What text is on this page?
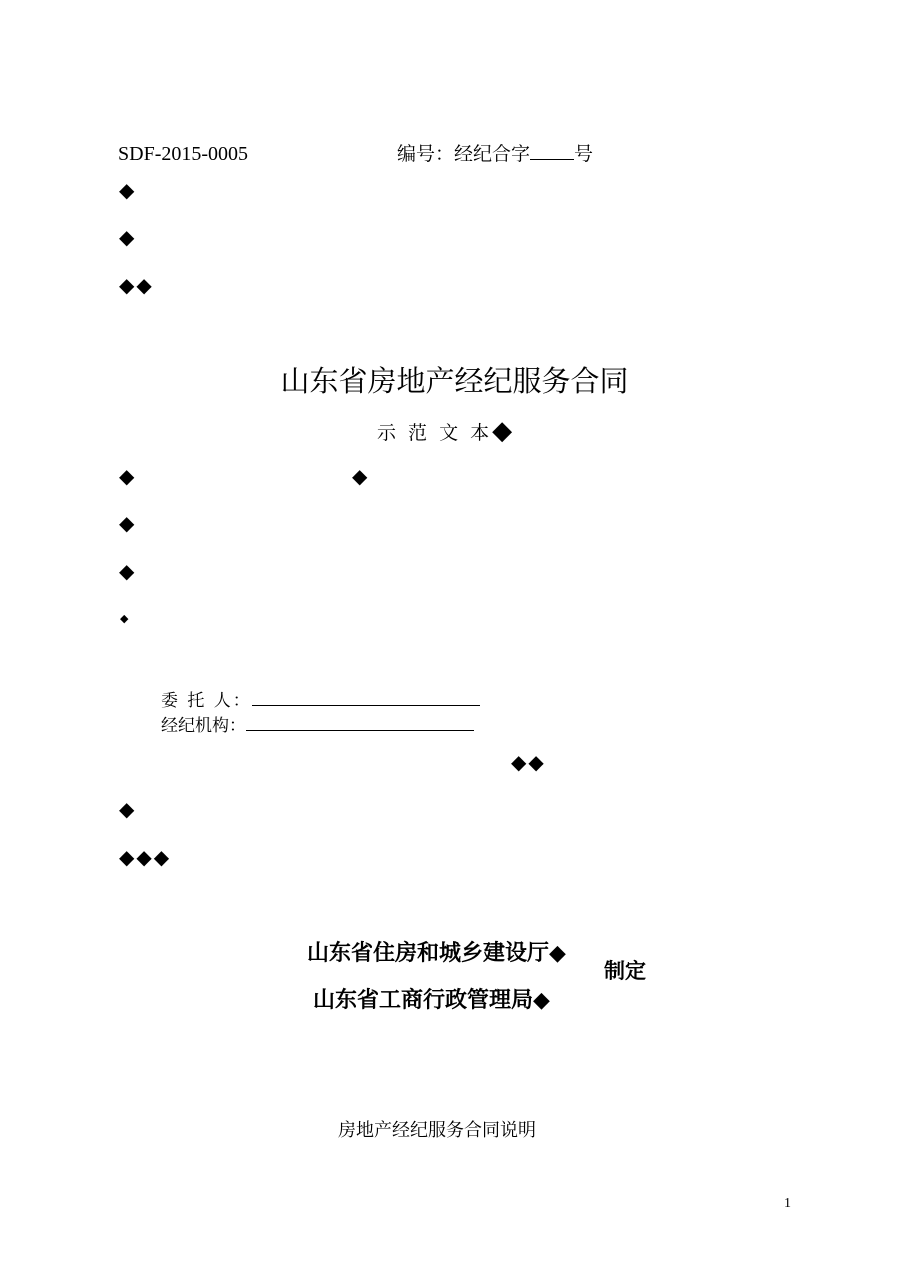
SDF-2015-0005	编号：经纪合字 号
◆
◆
◆◆
山东省房地产经纪服务合同
示 范 文 本◆
◆	◆
◆
◆
◆
委 托 人：
经纪机构：
◆◆
◆
◆◆◆
山东省住房和城乡建设厅◆
山东省工商行政管理局◆
制定
房地产经纪服务合同说明
1
